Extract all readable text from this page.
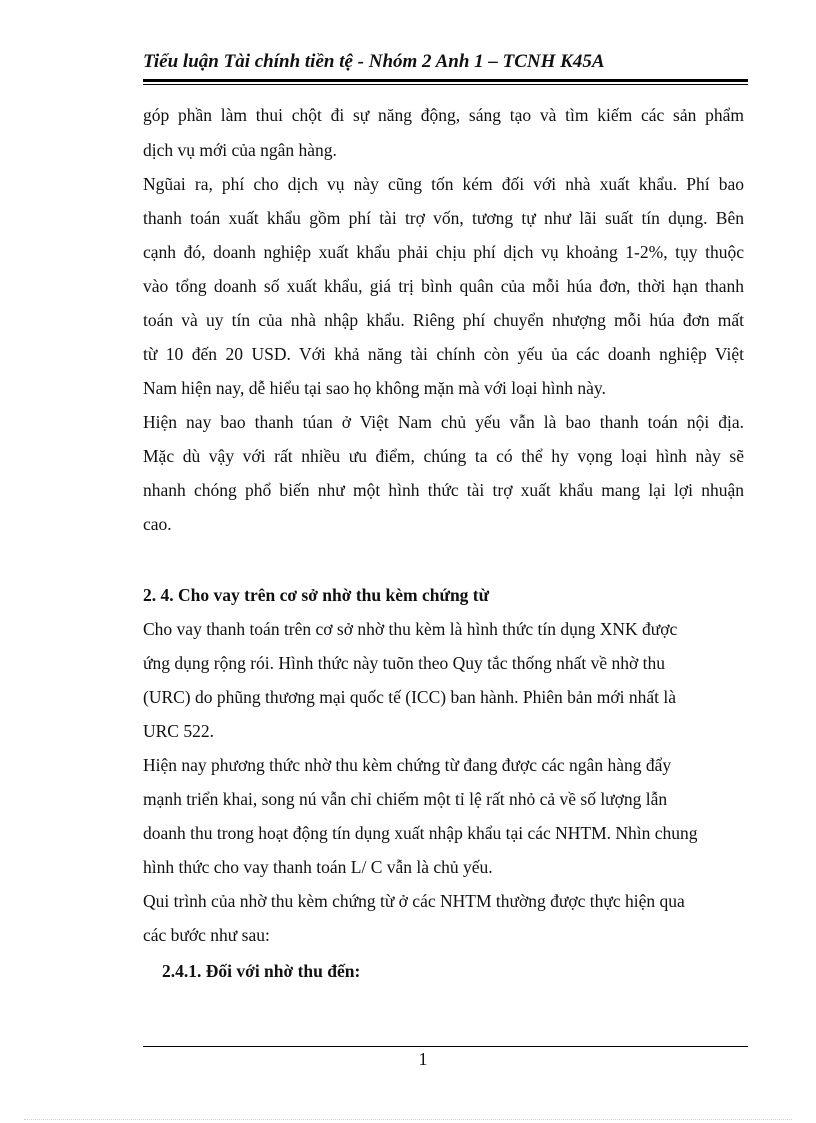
Tiểu luận Tài chính tiền tệ - Nhóm 2 Anh 1 – TCNH K45A
góp phần làm thui chột đi sự năng động, sáng tạo và tìm kiếm các sản phẩm
dịch vụ mới của ngân hàng.
Ngũai ra, phí cho dịch vụ này cũng tốn kém đối với nhà xuất khẩu. Phí bao
thanh toán xuất khẩu gồm phí tài trợ vốn, tương tự như lãi suất tín dụng. Bên
cạnh đó, doanh nghiệp xuất khẩu phải chịu phí dịch vụ khoảng 1-2%, tụy thuộc
vào tổng doanh số xuất khẩu, giá trị bình quân của mỗi húa đơn, thời hạn thanh
toán và uy tín của nhà nhập khẩu. Riêng phí chuyển nhượng mỗi húa đơn mất
từ 10 đến 20 USD. Với khả năng tài chính còn yếu ủa các doanh nghiệp Việt
Nam hiện nay, dễ hiểu tại sao họ không mặn mà với loại hình này.
Hiện nay bao thanh túan ở Việt Nam chủ yếu vẫn là bao thanh toán nội địa.
Mặc dù vậy với rất nhiều ưu điểm, chúng ta có thể hy vọng loại hình này sẽ
nhanh chóng phổ biến như một hình thức tài trợ xuất khẩu mang lại lợi nhuận
cao.
2. 4. Cho vay trên cơ sở nhờ thu kèm chứng từ
Cho vay thanh toán trên cơ sở nhờ thu kèm là hình thức tín dụng XNK được
ứng dụng rộng rói. Hình thức này tuõn theo Quy tắc thống nhất về nhờ thu
(URC) do phũng thương mại quốc tế (ICC) ban hành. Phiên bản mới nhất là
URC 522.
Hiện nay phương thức nhờ thu kèm chứng từ đang được các ngân hàng đẩy
mạnh triển khai, song nú vẫn chỉ chiếm một tỉ lệ rất nhỏ cả về số lượng lẫn
doanh thu trong hoạt động tín dụng xuất nhập khẩu tại các NHTM. Nhìn chung
hình thức cho vay thanh toán L/ C vẫn là chủ yếu.
Qui trình của nhờ thu kèm chứng từ ở các NHTM thường được thực hiện qua
các bước như sau:
2.4.1. Đối với nhờ thu đến:
1
